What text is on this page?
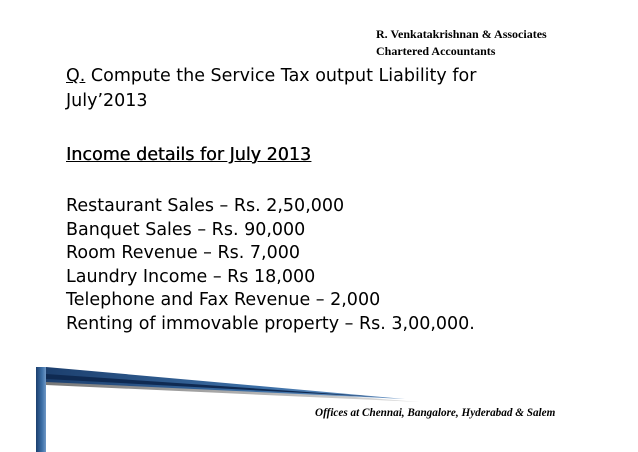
R. Venkatakrishnan & Associates
Chartered Accountants
Q. Compute the Service Tax output Liability for
July’2013
Income details for July 2013
Restaurant Sales – Rs. 2,50,000
Banquet Sales – Rs. 90,000
Room Revenue – Rs. 7,000
Laundry Income – Rs 18,000
Telephone and Fax Revenue – 2,000
Renting of immovable property – Rs. 3,00,000.
Offices at Chennai, Bangalore, Hyderabad & Salem
